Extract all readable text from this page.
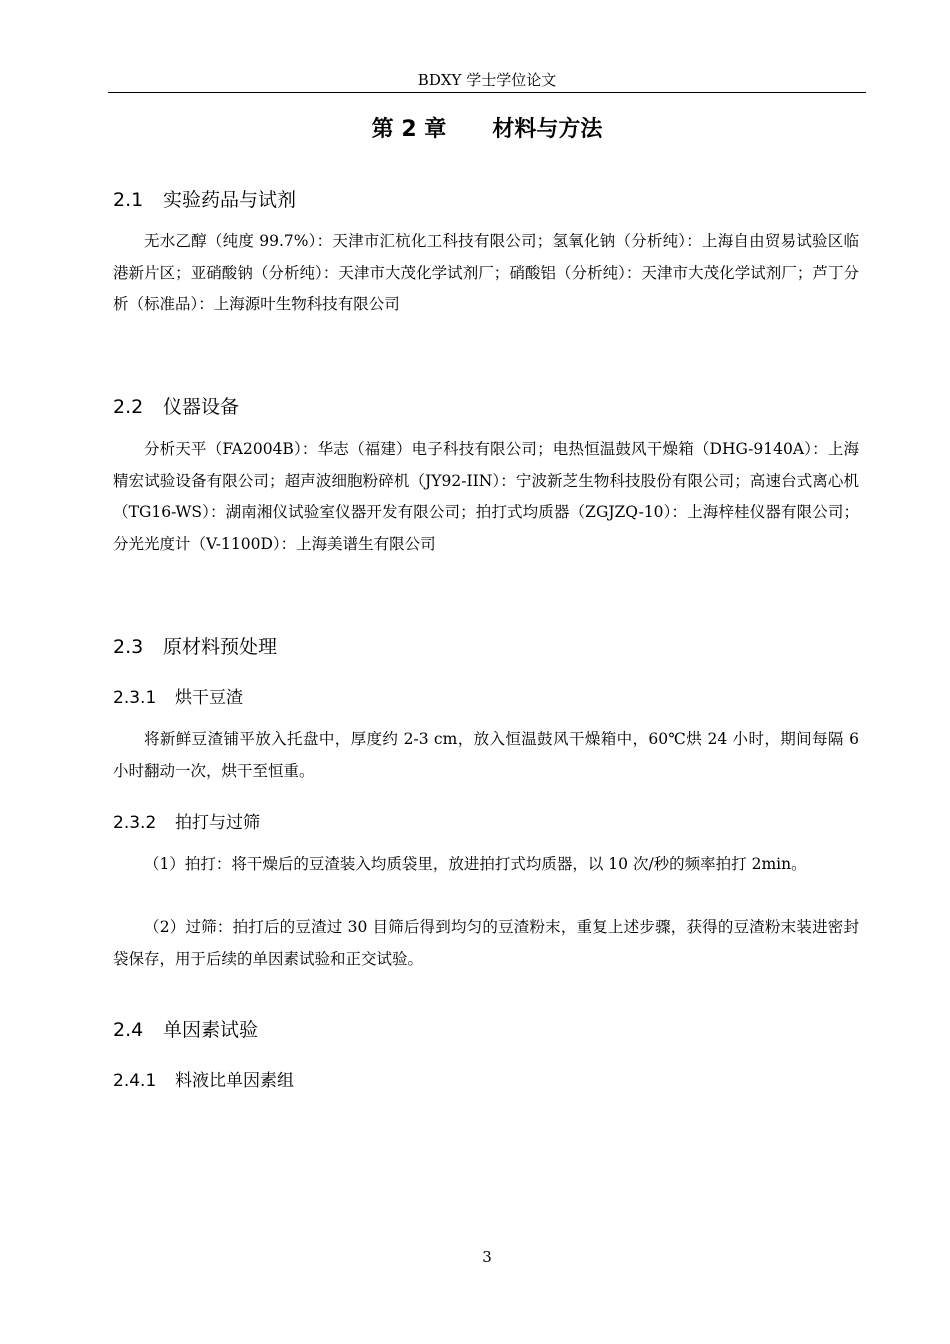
BDXY 学士学位论文
第 2 章 材料与方法
2.1 实验药品与试剂

无水乙醇（纯度 99.7%）：天津市汇杭化工科技有限公司；氢氧化钠（分析纯）：上海自由贸易试验区临港新片区；亚硝酸钠（分析纯）：天津市大茂化学试剂厂；硝酸铝（分析纯）：天津市大茂化学试剂厂；芦丁分析（标准品）：上海源叶生物科技有限公司

2.2 仪器设备

分析天平（FA2004B）：华志（福建）电子科技有限公司；电热恒温鼓风干燥箱（DHG-9140A）：上海精宏试验设备有限公司；超声波细胞粉碎机（JY92-IIN）：宁波新芝生物科技股份有限公司；高速台式离心机（TG16-WS）：湖南湘仪试验室仪器开发有限公司；拍打式均质器（ZGJZQ-10）：上海梓桂仪器有限公司；分光光度计（V-1100D）：上海美谱生有限公司

2.3 原材料预处理
2.3.1 烘干豆渣

将新鲜豆渣铺平放入托盘中，厚度约 2-3 cm，放入恒温鼓风干燥箱中，60℃烘 24 小时，期间每隔 6 小时翻动一次，烘干至恒重。

2.3.2 拍打与过筛

（1）拍打：将干燥后的豆渣装入均质袋里，放进拍打式均质器，以 10 次/秒的频率拍打 2min。

（2）过筛：拍打后的豆渣过 30 目筛后得到均匀的豆渣粉末，重复上述步骤，获得的豆渣粉末装进密封袋保存，用于后续的单因素试验和正交试验。

2.4 单因素试验
2.4.1 料液比单因素组
3
